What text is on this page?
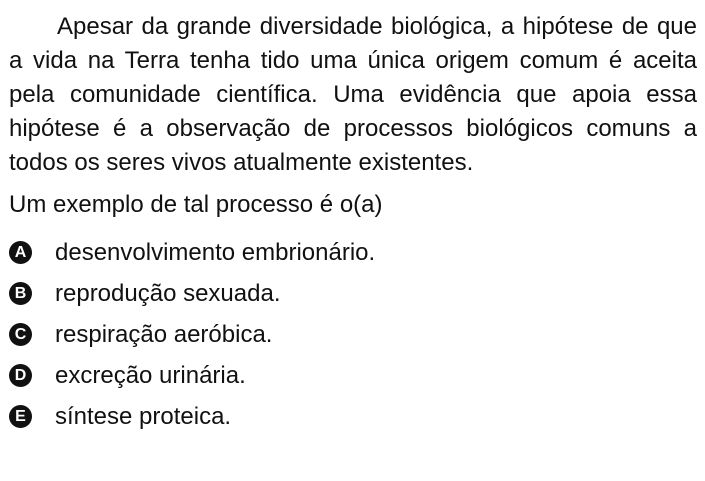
Apesar da grande diversidade biológica, a hipótese de que a vida na Terra tenha tido uma única origem comum é aceita pela comunidade científica. Uma evidência que apoia essa hipótese é a observação de processos biológicos comuns a todos os seres vivos atualmente existentes.

Um exemplo de tal processo é o(a)

A desenvolvimento embrionário.
B reprodução sexuada.
C respiração aeróbica.
D excreção urinária.
E síntese proteica.
